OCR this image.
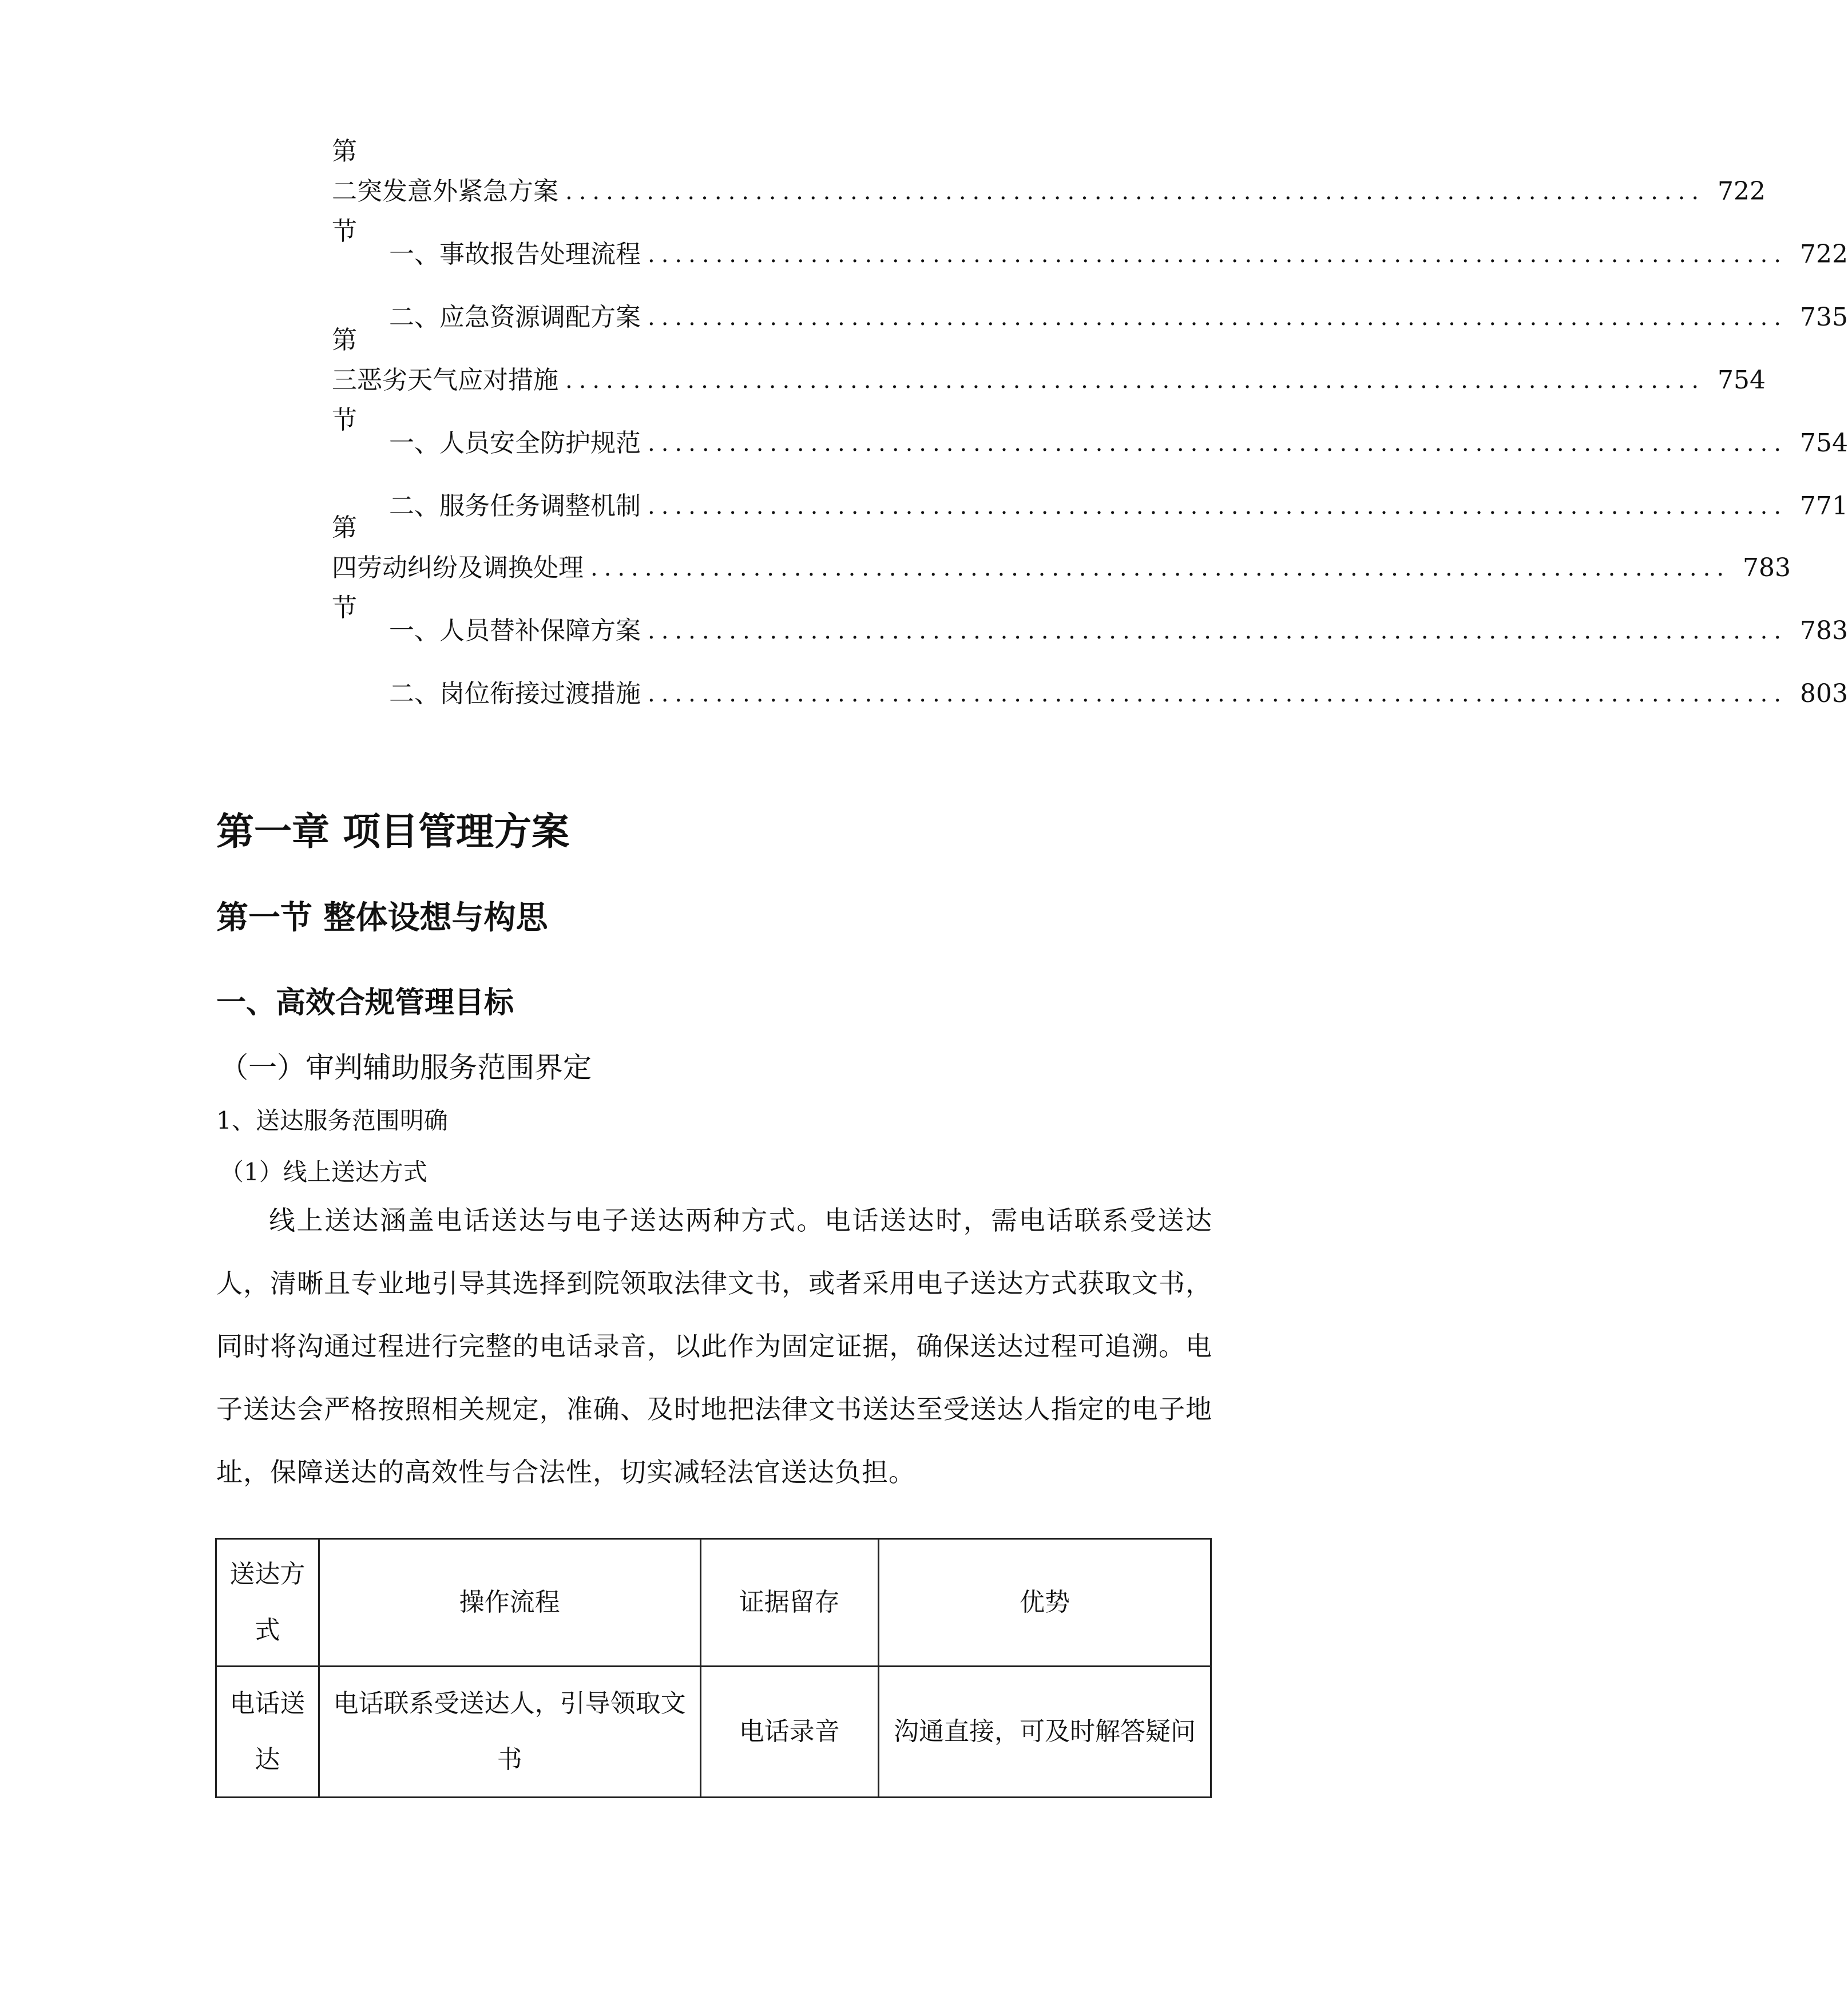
第二节
突发意外紧急方案 .................................................................................... 722
一、 事故报告处理流程 .................................................................................... 722
二、 应急资源调配方案 .................................................................................... 735
第三节
恶劣天气应对措施 .................................................................................... 754
一、 人员安全防护规范 .................................................................................... 754
二、 服务任务调整机制 .................................................................................... 771
第四节
劳动纠纷及调换处理 .................................................................................... 783
一、 人员替补保障方案 .................................................................................... 783
二、 岗位衔接过渡措施 .................................................................................... 803
第一章 项目管理方案
第一节 整体设想与构思
一、高效合规管理目标
（一）审判辅助服务范围界定
1、送达服务范围明确
（1）线上送达方式
线上送达涵盖电话送达与电子送达两种方式。电话送达时，需电话联系受送达人，清晰且专业地引导其选择到院领取法律文书，或者采用电子送达方式获取文书，同时将沟通过程进行完整的电话录音，以此作为固定证据，确保送达过程可追溯。电子送达会严格按照相关规定，准确、及时地把法律文书送达至受送达人指定的电子地址，保障送达的高效性与合法性，切实减轻法官送达负担。
送达方式	操作流程	证据留存	优势
电话送达	电话联系受送达人，引导领取文书	电话录音	沟通直接，可及时解答疑问
